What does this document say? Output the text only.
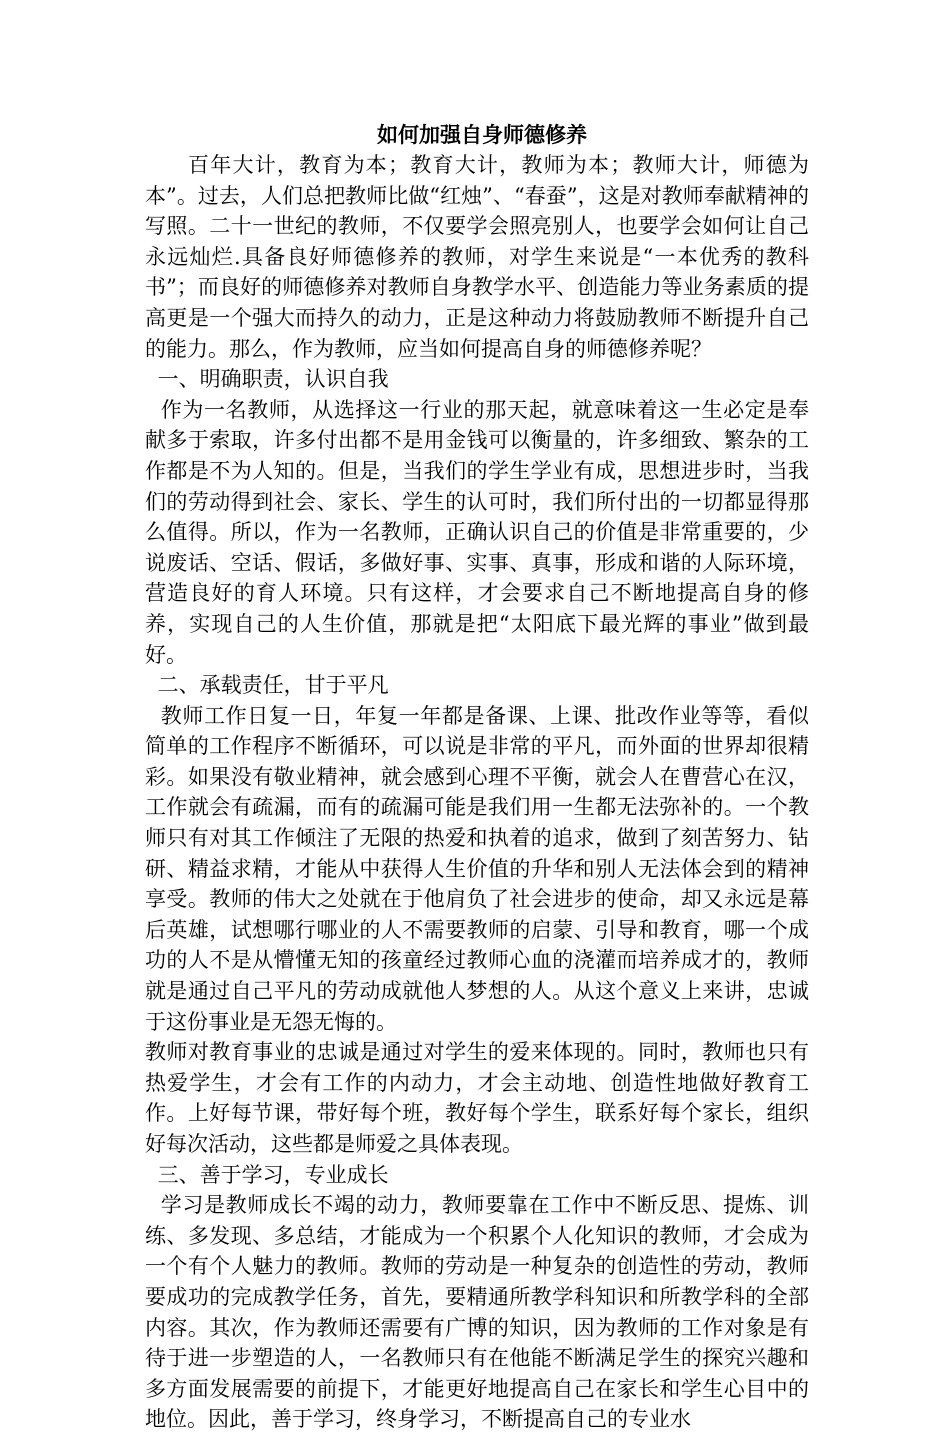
如何加强自身师德修养

百年大计，教育为本；教育大计，教师为本；教师大计，师德为本”。过去，人们总把教师比做“红烛”、“春蚕”，这是对教师奉献精神的写照。二十一世纪的教师，不仅要学会照亮别人，也要学会如何让自己永远灿烂.具备良好师德修养的教师，对学生来说是“一本优秀的教科书”；而良好的师德修养对教师自身教学水平、创造能力等业务素质的提高更是一个强大而持久的动力，正是这种动力将鼓励教师不断提升自己的能力。那么，作为教师，应当如何提高自身的师德修养呢？

一、明确职责，认识自我

作为一名教师，从选择这一行业的那天起，就意味着这一生必定是奉献多于索取，许多付出都不是用金钱可以衡量的，许多细致、繁杂的工作都是不为人知的。但是，当我们的学生学业有成，思想进步时，当我们的劳动得到社会、家长、学生的认可时，我们所付出的一切都显得那么值得。所以，作为一名教师，正确认识自己的价值是非常重要的，少说废话、空话、假话，多做好事、实事、真事，形成和谐的人际环境，营造良好的育人环境。只有这样，才会要求自己不断地提高自身的修养，实现自己的人生价值，那就是把“太阳底下最光辉的事业”做到最好。

二、承载责任，甘于平凡

教师工作日复一日，年复一年都是备课、上课、批改作业等等，看似简单的工作程序不断循环，可以说是非常的平凡，而外面的世界却很精彩。如果没有敬业精神，就会感到心理不平衡，就会人在曹营心在汉，工作就会有疏漏，而有的疏漏可能是我们用一生都无法弥补的。一个教师只有对其工作倾注了无限的热爱和执着的追求，做到了刻苦努力、钻研、精益求精，才能从中获得人生价值的升华和别人无法体会到的精神享受。教师的伟大之处就在于他肩负了社会进步的使命，却又永远是幕后英雄，试想哪行哪业的人不需要教师的启蒙、引导和教育，哪一个成功的人不是从懵懂无知的孩童经过教师心血的浇灌而培养成才的，教师就是通过自己平凡的劳动成就他人梦想的人。从这个意义上来讲，忠诚于这份事业是无怨无悔的。

教师对教育事业的忠诚是通过对学生的爱来体现的。同时，教师也只有热爱学生，才会有工作的内动力，才会主动地、创造性地做好教育工作。上好每节课，带好每个班，教好每个学生，联系好每个家长，组织好每次活动，这些都是师爱之具体表现。

三、善于学习，专业成长

学习是教师成长不竭的动力，教师要靠在工作中不断反思、提炼、训练、多发现、多总结，才能成为一个积累个人化知识的教师，才会成为一个有个人魅力的教师。教师的劳动是一种复杂的创造性的劳动，教师要成功的完成教学任务，首先，要精通所教学科知识和所教学科的全部内容。其次，作为教师还需要有广博的知识，因为教师的工作对象是有待于进一步塑造的人，一名教师只有在他能不断满足学生的探究兴趣和多方面发展需要的前提下，才能更好地提高自己在家长和学生心目中的地位。因此，善于学习，终身学习，不断提高自己的专业水
